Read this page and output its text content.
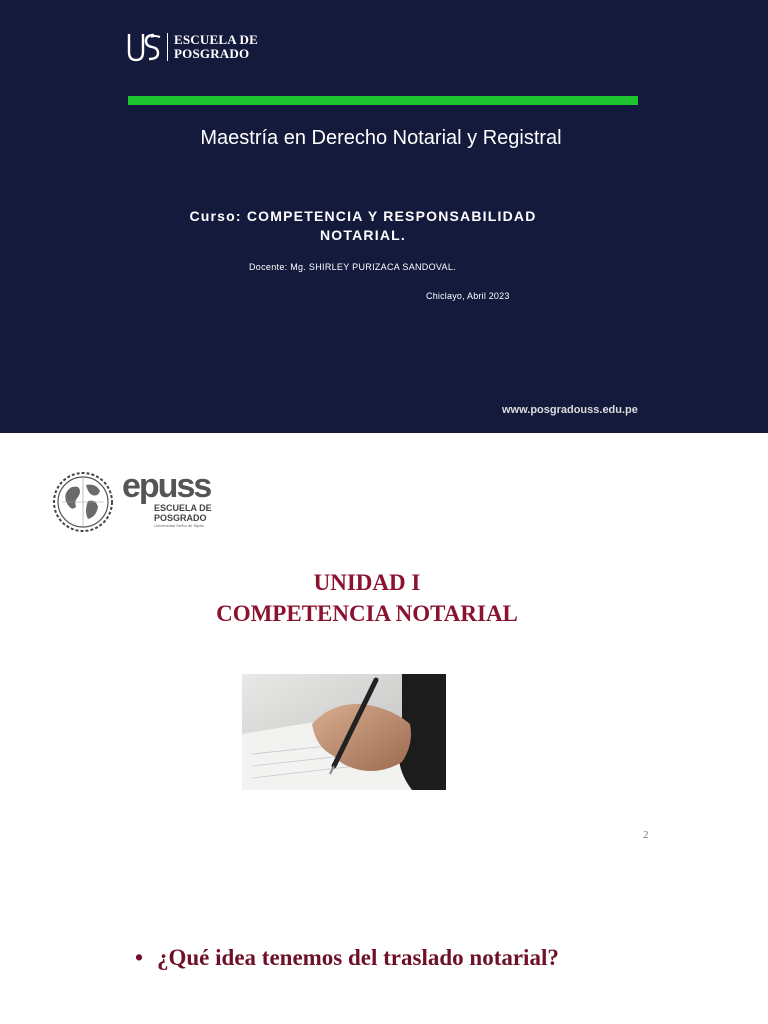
ESCUELA DE
POSGRADO
Maestría en Derecho Notarial y Registral
Curso: COMPETENCIA Y RESPONSABILIDAD
NOTARIAL.
Docente: Mg. SHIRLEY PURIZACA SANDOVAL.
Chiclayo, Abril 2023
www.posgradouss.edu.pe
epuss
ESCUELA DE
POSGRADO
Universidad Señor de Sipán
UNIDAD I
COMPETENCIA NOTARIAL
2
• ¿Qué idea tenemos del traslado notarial?
